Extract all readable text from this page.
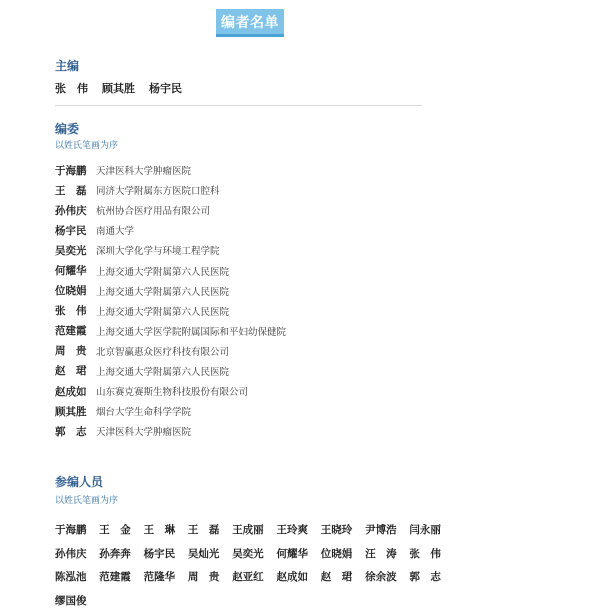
编者名单
主编
张　伟 顾其胜 杨宇民
编委
以姓氏笔画为序
于海鹏	天津医科大学肿瘤医院
王　磊	同济大学附属东方医院口腔科
孙伟庆	杭州协合医疗用品有限公司
杨宇民	南通大学
吴奕光	深圳大学化学与环境工程学院
何耀华	上海交通大学附属第六人民医院
位晓娟	上海交通大学附属第六人民医院
张　伟	上海交通大学附属第六人民医院
范建霞	上海交通大学医学院附属国际和平妇幼保健院
周　贵	北京智赢惠众医疗科技有限公司
赵　珺	上海交通大学附属第六人民医院
赵成如	山东赛克赛斯生物科技股份有限公司
顾其胜	烟台大学生命科学学院
郭　志	天津医科大学肿瘤医院
参编人员
以姓氏笔画为序
于海鹏	王　金	王　琳	王　磊	王成丽	王玲爽	王晓玲	尹博浩	闫永丽
孙伟庆	孙奔奔	杨宇民	吴灿光	吴奕光	何耀华	位晓娟	汪　涛	张　伟
陈泓池	范建霞	范隆华	周　贵	赵亚红	赵成如	赵　珺	徐余波	郭　志
缪国俊
